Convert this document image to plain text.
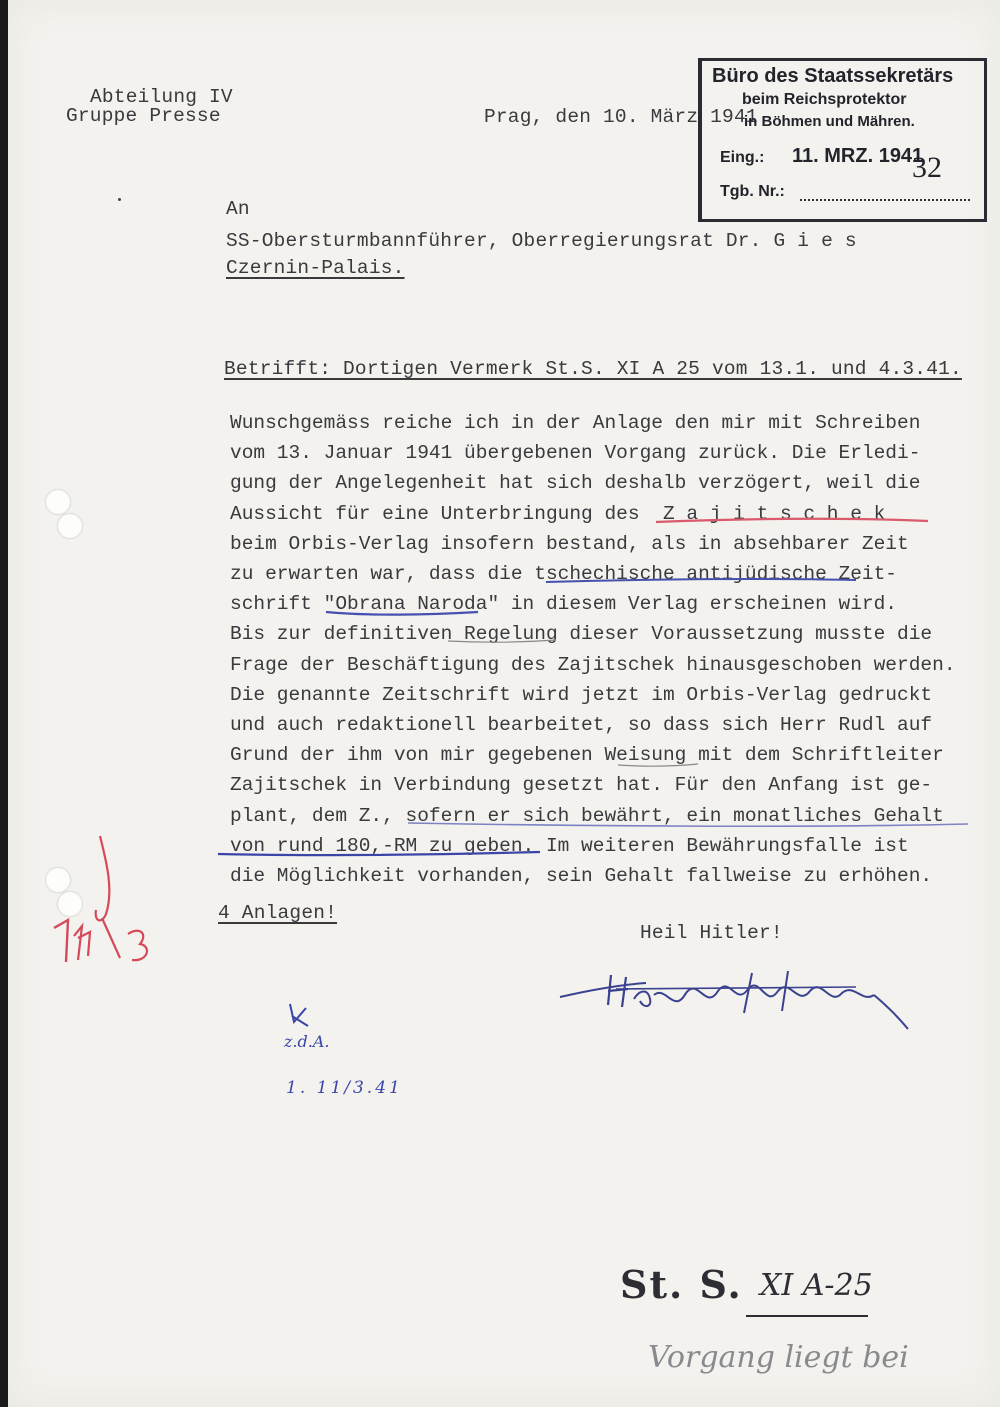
Abteilung IV
Gruppe Presse	Prag, den 10. März 1941
Büro des Staatssekretärs
beim Reichsprotektor
in Böhmen und Mähren.
Eing.: 11. MRZ. 1941
32
Tgb. Nr.:
An
SS-Obersturmbannführer, Oberregierungsrat Dr. G i e s
Czernin-Palais.
Betrifft: Dortigen Vermerk St.S. XI A 25 vom 13.1. und 4.3.41.
Wunschgemäss reiche ich in der Anlage den mir mit Schreiben
vom 13. Januar 1941 übergebenen Vorgang zurück. Die Erledi-
gung der Angelegenheit hat sich deshalb verzögert, weil die
Aussicht für eine Unterbringung des  Z a j i t s c h e k
beim Orbis-Verlag insofern bestand, als in absehbarer Zeit
zu erwarten war, dass die tschechische antijüdische Zeit-
schrift "Obrana Naroda" in diesem Verlag erscheinen wird.
Bis zur definitiven Regelung dieser Voraussetzung musste die
Frage der Beschäftigung des Zajitschek hinausgeschoben werden.
Die genannte Zeitschrift wird jetzt im Orbis-Verlag gedruckt
und auch redaktionell bearbeitet, so dass sich Herr Rudl auf
Grund der ihm von mir gegebenen Weisung mit dem Schriftleiter
Zajitschek in Verbindung gesetzt hat. Für den Anfang ist ge-
plant, dem Z., sofern er sich bewährt, ein monatliches Gehalt
von rund 180,-RM zu geben. Im weiteren Bewährungsfalle ist
die Möglichkeit vorhanden, sein Gehalt fallweise zu erhöhen.
4 Anlagen!
Heil Hitler!
z.d.A.
1. 11/3.41
St. S. XI A-25
Vorgang liegt bei
